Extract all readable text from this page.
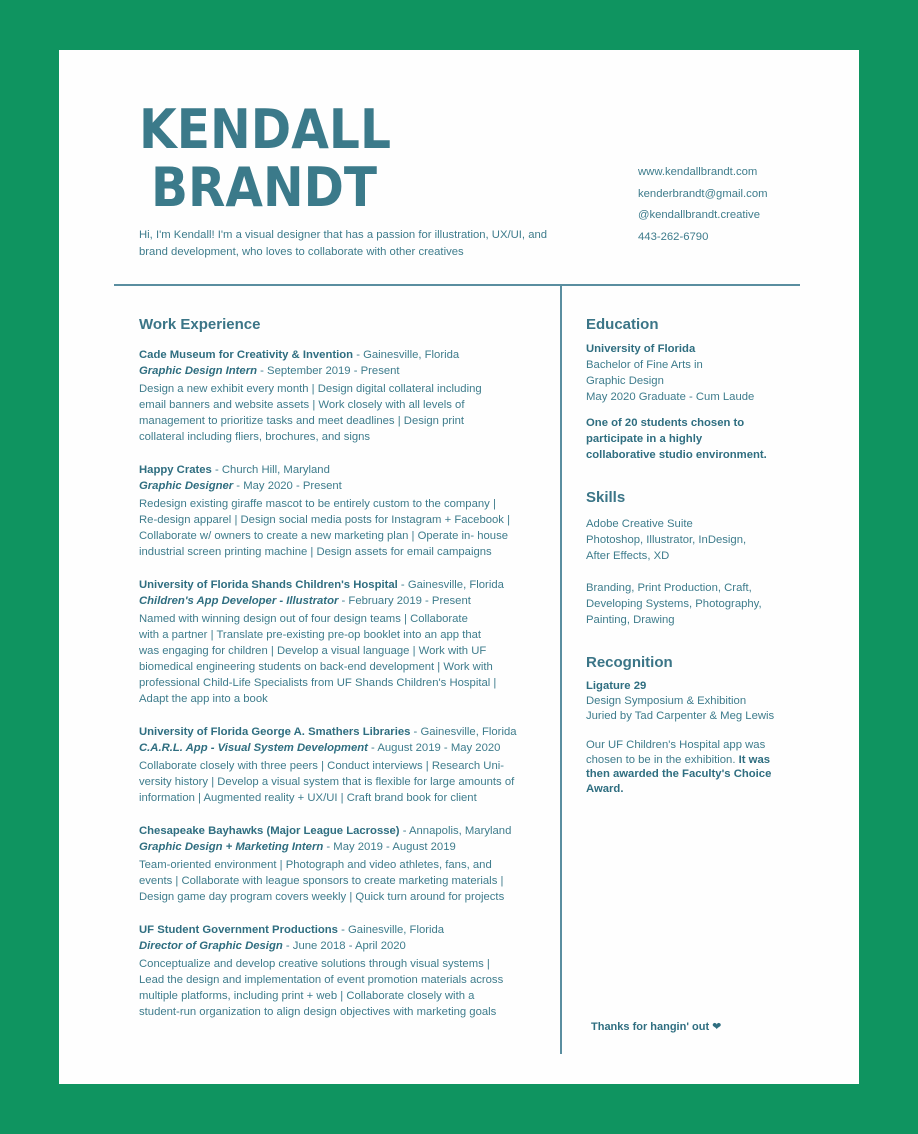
KENDALL
BRANDT

Hi, I'm Kendall! I'm a visual designer that has a passion for illustration, UX/UI, and brand development, who loves to collaborate with other creatives

www.kendallbrandt.com
kenderbrandt@gmail.com
@kendallbrandt.creative
443-262-6790
Work Experience
Cade Museum for Creativity & Invention - Gainesville, Florida
Graphic Design Intern - September 2019 - Present
Design a new exhibit every month | Design digital collateral including
email banners and website assets | Work closely with all levels of
management to prioritize tasks and meet deadlines | Design print
collateral including fliers, brochures, and signs
Happy Crates - Church Hill, Maryland
Graphic Designer - May 2020 - Present
Redesign existing giraffe mascot to be entirely custom to the company |
Re-design apparel | Design social media posts for Instagram + Facebook |
Collaborate w/ owners to create a new marketing plan | Operate in- house
industrial screen printing machine | Design assets for email campaigns
University of Florida Shands Children's Hospital - Gainesville, Florida
Children's App Developer - Illustrator - February 2019 - Present
Named with winning design out of four design teams | Collaborate
with a partner | Translate pre-existing pre-op booklet into an app that
was engaging for children | Develop a visual language | Work with UF
biomedical engineering students on back-end development | Work with
professional Child-Life Specialists from UF Shands Children's Hospital |
Adapt the app into a book
University of Florida George A. Smathers Libraries - Gainesville, Florida
C.A.R.L. App - Visual System Development - August 2019 - May 2020
Collaborate closely with three peers | Conduct interviews | Research Uni-
versity history | Develop a visual system that is flexible for large amounts of
information | Augmented reality + UX/UI | Craft brand book for client
Chesapeake Bayhawks (Major League Lacrosse) - Annapolis, Maryland
Graphic Design + Marketing Intern - May 2019 - August 2019
Team-oriented environment | Photograph and video athletes, fans, and
events | Collaborate with league sponsors to create marketing materials |
Design game day program covers weekly | Quick turn around for projects
UF Student Government Productions - Gainesville, Florida
Director of Graphic Design - June 2018 - April 2020
Conceptualize and develop creative solutions through visual systems |
Lead the design and implementation of event promotion materials across
multiple platforms, including print + web | Collaborate closely with a
student-run organization to align design objectives with marketing goals
Education
University of Florida
Bachelor of Fine Arts in
Graphic Design
May 2020 Graduate - Cum Laude
One of 20 students chosen to
participate in a highly
collaborative studio environment.
Skills
Adobe Creative Suite
Photoshop, Illustrator, InDesign,
After Effects, XD
Branding, Print Production, Craft,
Developing Systems, Photography,
Painting, Drawing
Recognition
Ligature 29
Design Symposium & Exhibition
Juried by Tad Carpenter & Meg Lewis
Our UF Children's Hospital app was
chosen to be in the exhibition. It was
then awarded the Faculty's Choice
Award.
Thanks for hangin' out ❤
